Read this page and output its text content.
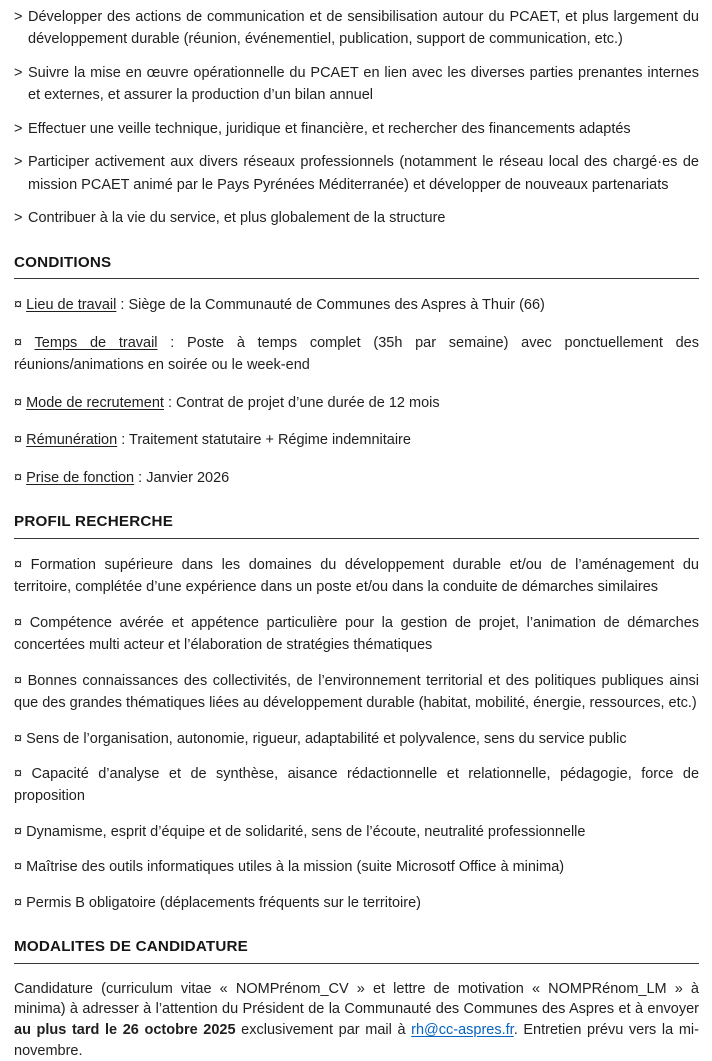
> Développer des actions de communication et de sensibilisation autour du PCAET, et plus largement du développement durable (réunion, événementiel, publication, support de communication, etc.)
> Suivre la mise en œuvre opérationnelle du PCAET en lien avec les diverses parties prenantes internes et externes, et assurer la production d’un bilan annuel
> Effectuer une veille technique, juridique et financière, et rechercher des financements adaptés
> Participer activement aux divers réseaux professionnels (notamment le réseau local des chargé·es de mission PCAET animé par le Pays Pyrénées Méditerranée) et développer de nouveaux partenariats
> Contribuer à la vie du service, et plus globalement de la structure
CONDITIONS
¤ Lieu de travail : Siège de la Communauté de Communes des Aspres à Thuir (66)
¤ Temps de travail : Poste à temps complet (35h par semaine) avec ponctuellement des réunions/animations en soirée ou le week-end
¤ Mode de recrutement : Contrat de projet d’une durée de 12 mois
¤ Rémunération : Traitement statutaire + Régime indemnitaire
¤ Prise de fonction : Janvier 2026
PROFIL RECHERCHE
¤ Formation supérieure dans les domaines du développement durable et/ou de l’aménagement du territoire, complétée d’une expérience dans un poste et/ou dans la conduite de démarches similaires
¤ Compétence avérée et appétence particulière pour la gestion de projet, l’animation de démarches concertées multi acteur et l’élaboration de stratégies thématiques
¤ Bonnes connaissances des collectivités, de l’environnement territorial et des politiques publiques ainsi que des grandes thématiques liées au développement durable (habitat, mobilité, énergie, ressources, etc.)
¤ Sens de l’organisation, autonomie, rigueur, adaptabilité et polyvalence, sens du service public
¤ Capacité d’analyse et de synthèse, aisance rédactionnelle et relationnelle, pédagogie, force de proposition
¤ Dynamisme, esprit d’équipe et de solidarité, sens de l’écoute, neutralité professionnelle
¤ Maîtrise des outils informatiques utiles à la mission (suite Microsotf Office à minima)
¤ Permis B obligatoire (déplacements fréquents sur le territoire)
MODALITES DE CANDIDATURE

Candidature (curriculum vitae « NOMPrénom_CV » et lettre de motivation « NOMPRénom_LM » à minima) à adresser à l’attention du Président de la Communauté des Communes des Aspres et à envoyer au plus tard le 26 octobre 2025 exclusivement par mail à rh@cc-aspres.fr. Entretien prévu vers la mi-novembre.
